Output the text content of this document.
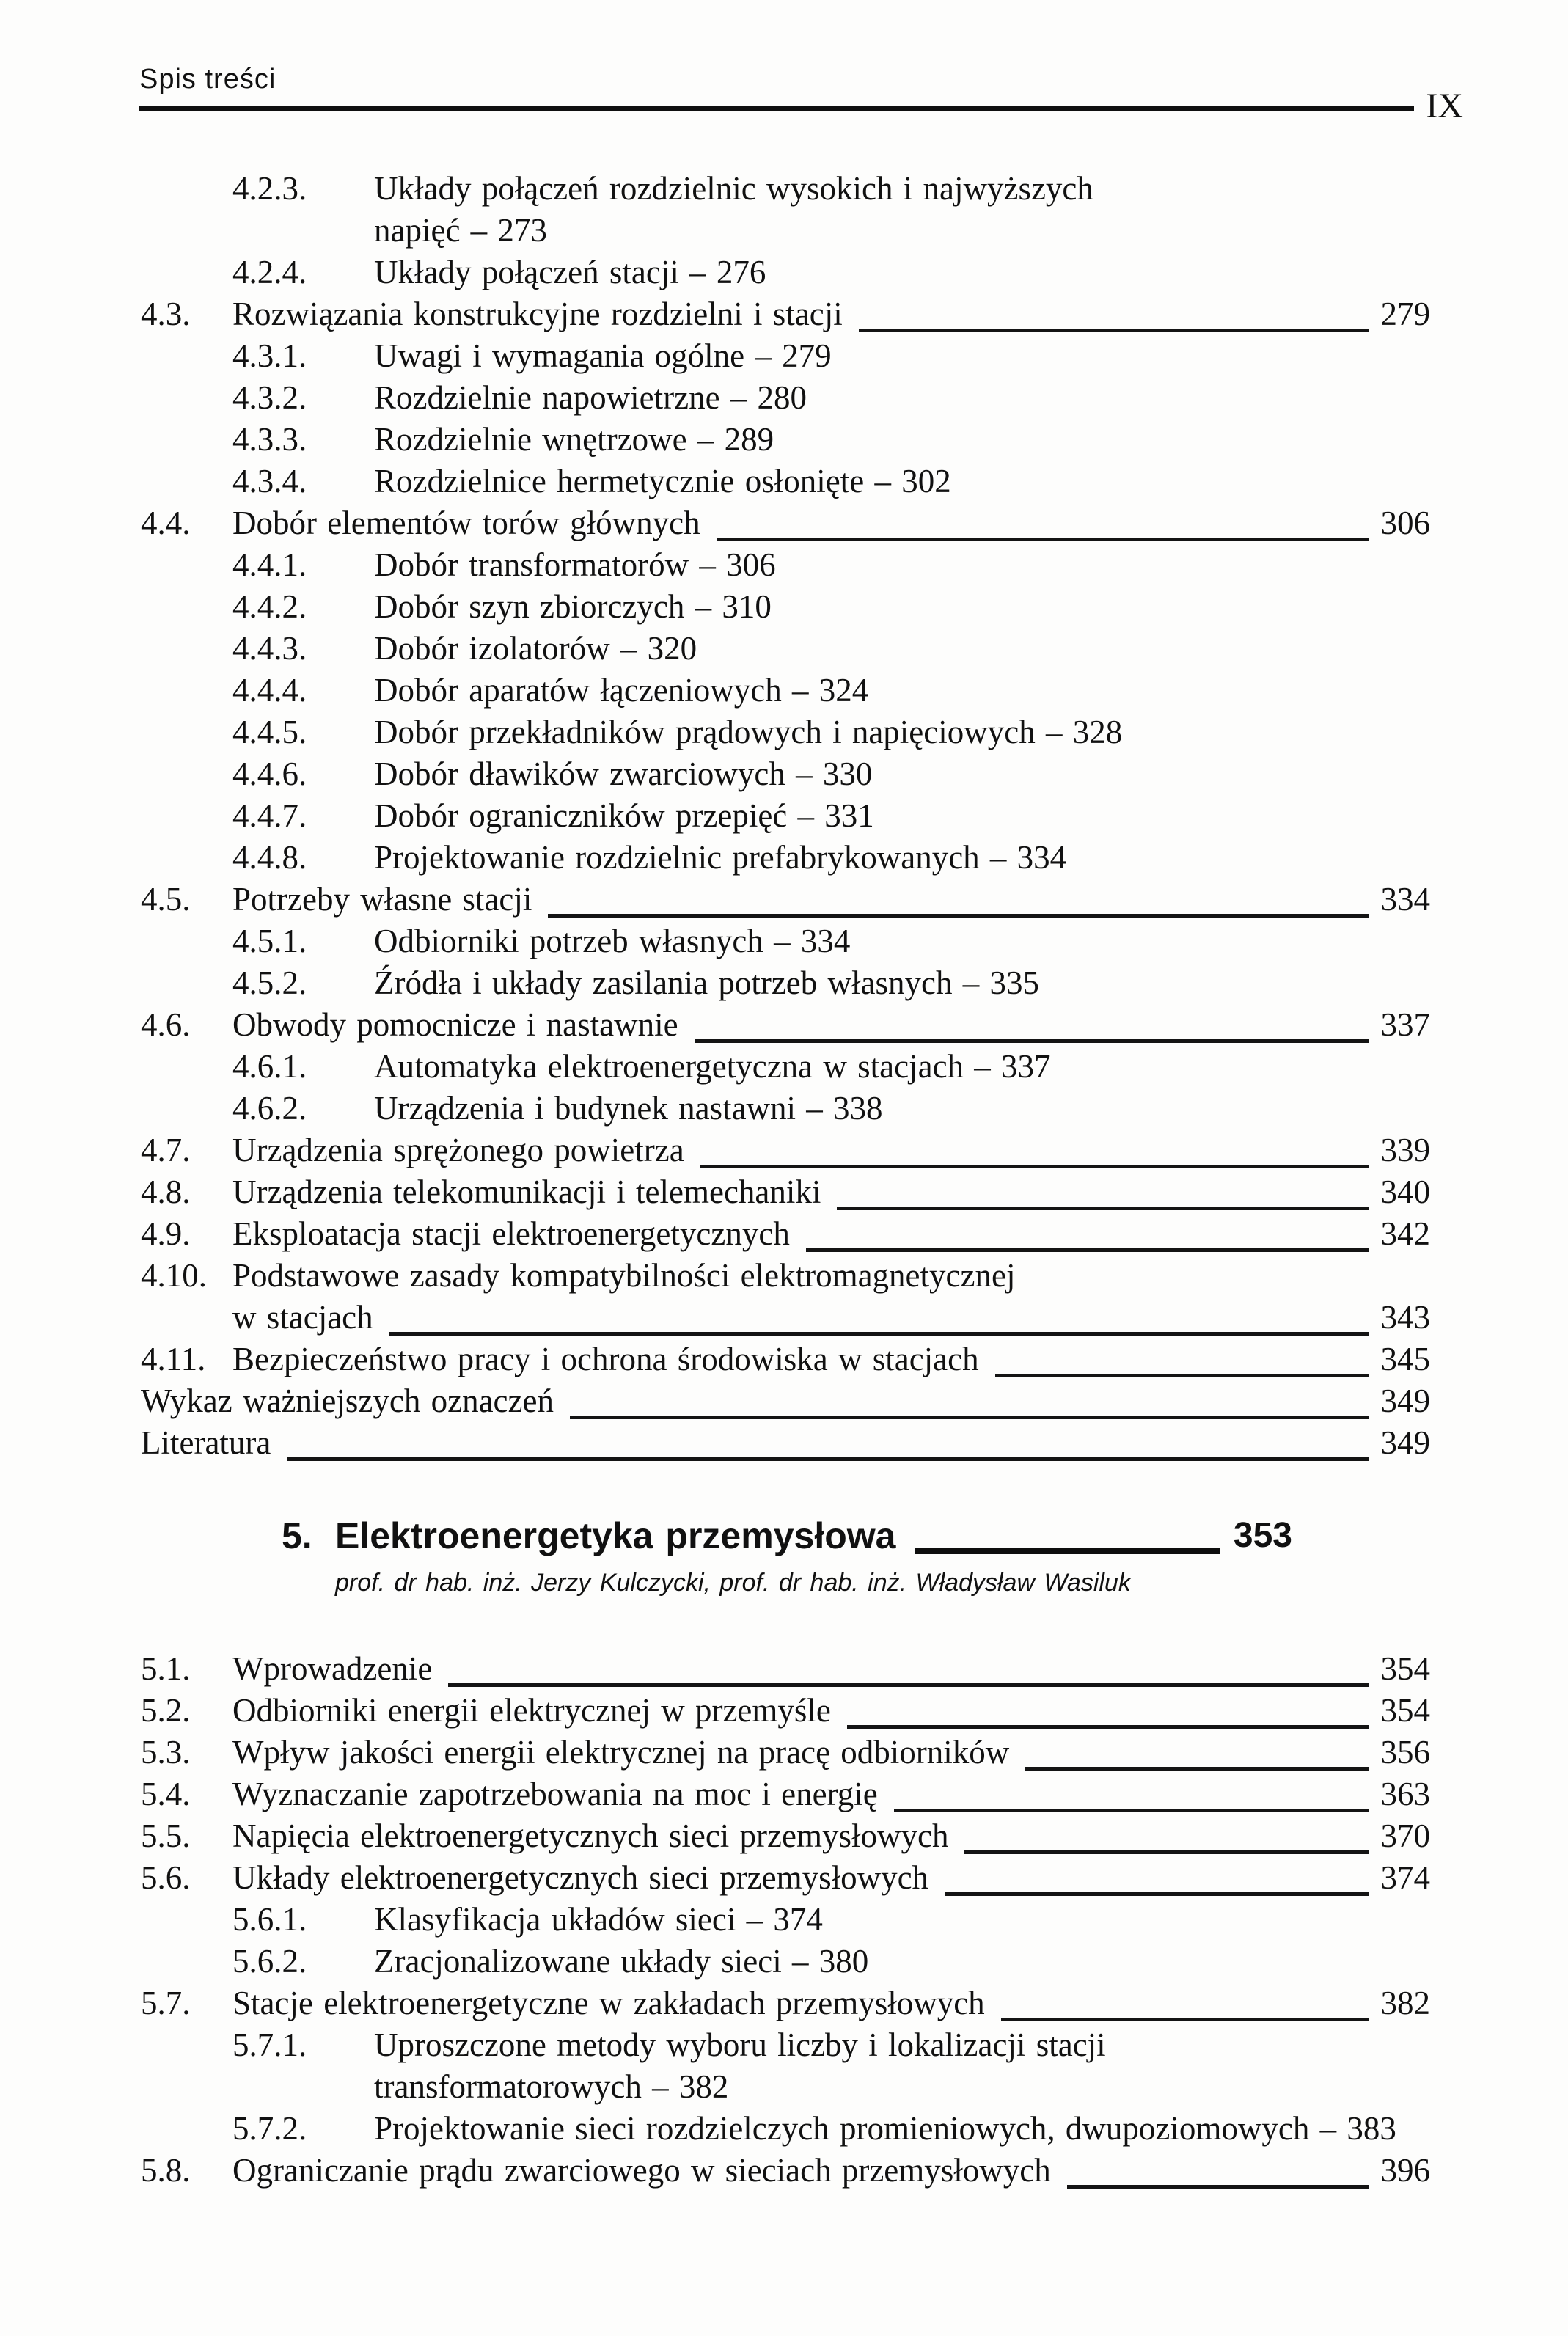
Spis treści
IX
4.2.3.	Układy połączeń rozdzielnic wysokich i najwyższych
napięć – 273
4.2.4.	Układy połączeń stacji – 276
4.3.	Rozwiązania konstrukcyjne rozdzielni i stacji	279
4.3.1.	Uwagi i wymagania ogólne – 279
4.3.2.	Rozdzielnie napowietrzne – 280
4.3.3.	Rozdzielnie wnętrzowe – 289
4.3.4.	Rozdzielnice hermetycznie osłonięte – 302
4.4.	Dobór elementów torów głównych	306
4.4.1.	Dobór transformatorów – 306
4.4.2.	Dobór szyn zbiorczych – 310
4.4.3.	Dobór izolatorów – 320
4.4.4.	Dobór aparatów łączeniowych – 324
4.4.5.	Dobór przekładników prądowych i napięciowych – 328
4.4.6.	Dobór dławików zwarciowych – 330
4.4.7.	Dobór ograniczników przepięć – 331
4.4.8.	Projektowanie rozdzielnic prefabrykowanych – 334
4.5.	Potrzeby własne stacji	334
4.5.1.	Odbiorniki potrzeb własnych – 334
4.5.2.	Źródła i układy zasilania potrzeb własnych – 335
4.6.	Obwody pomocnicze i nastawnie	337
4.6.1.	Automatyka elektroenergetyczna w stacjach – 337
4.6.2.	Urządzenia i budynek nastawni – 338
4.7.	Urządzenia sprężonego powietrza	339
4.8.	Urządzenia telekomunikacji i telemechaniki	340
4.9.	Eksploatacja stacji elektroenergetycznych	342
4.10. Podstawowe zasady kompatybilności elektromagnetycznej
w stacjach	343
4.11. Bezpieczeństwo pracy i ochrona środowiska w stacjach	345
Wykaz ważniejszych oznaczeń	349
Literatura	349
5. Elektroenergetyka przemysłowa	353
prof. dr hab. inż. Jerzy Kulczycki, prof. dr hab. inż. Władysław Wasiluk
5.1.	Wprowadzenie	354
5.2.	Odbiorniki energii elektrycznej w przemyśle	354
5.3.	Wpływ jakości energii elektrycznej na pracę odbiorników	356
5.4.	Wyznaczanie zapotrzebowania na moc i energię	363
5.5.	Napięcia elektroenergetycznych sieci przemysłowych	370
5.6.	Układy elektroenergetycznych sieci przemysłowych	374
5.6.1.	Klasyfikacja układów sieci – 374
5.6.2.	Zracjonalizowane układy sieci – 380
5.7.	Stacje elektroenergetyczne w zakładach przemysłowych	382
5.7.1.	Uproszczone metody wyboru liczby i lokalizacji stacji
transformatorowych – 382
5.7.2.	Projektowanie sieci rozdzielczych promieniowych, dwupoziomowych – 383
5.8.	Ograniczanie prądu zwarciowego w sieciach przemysłowych	396
